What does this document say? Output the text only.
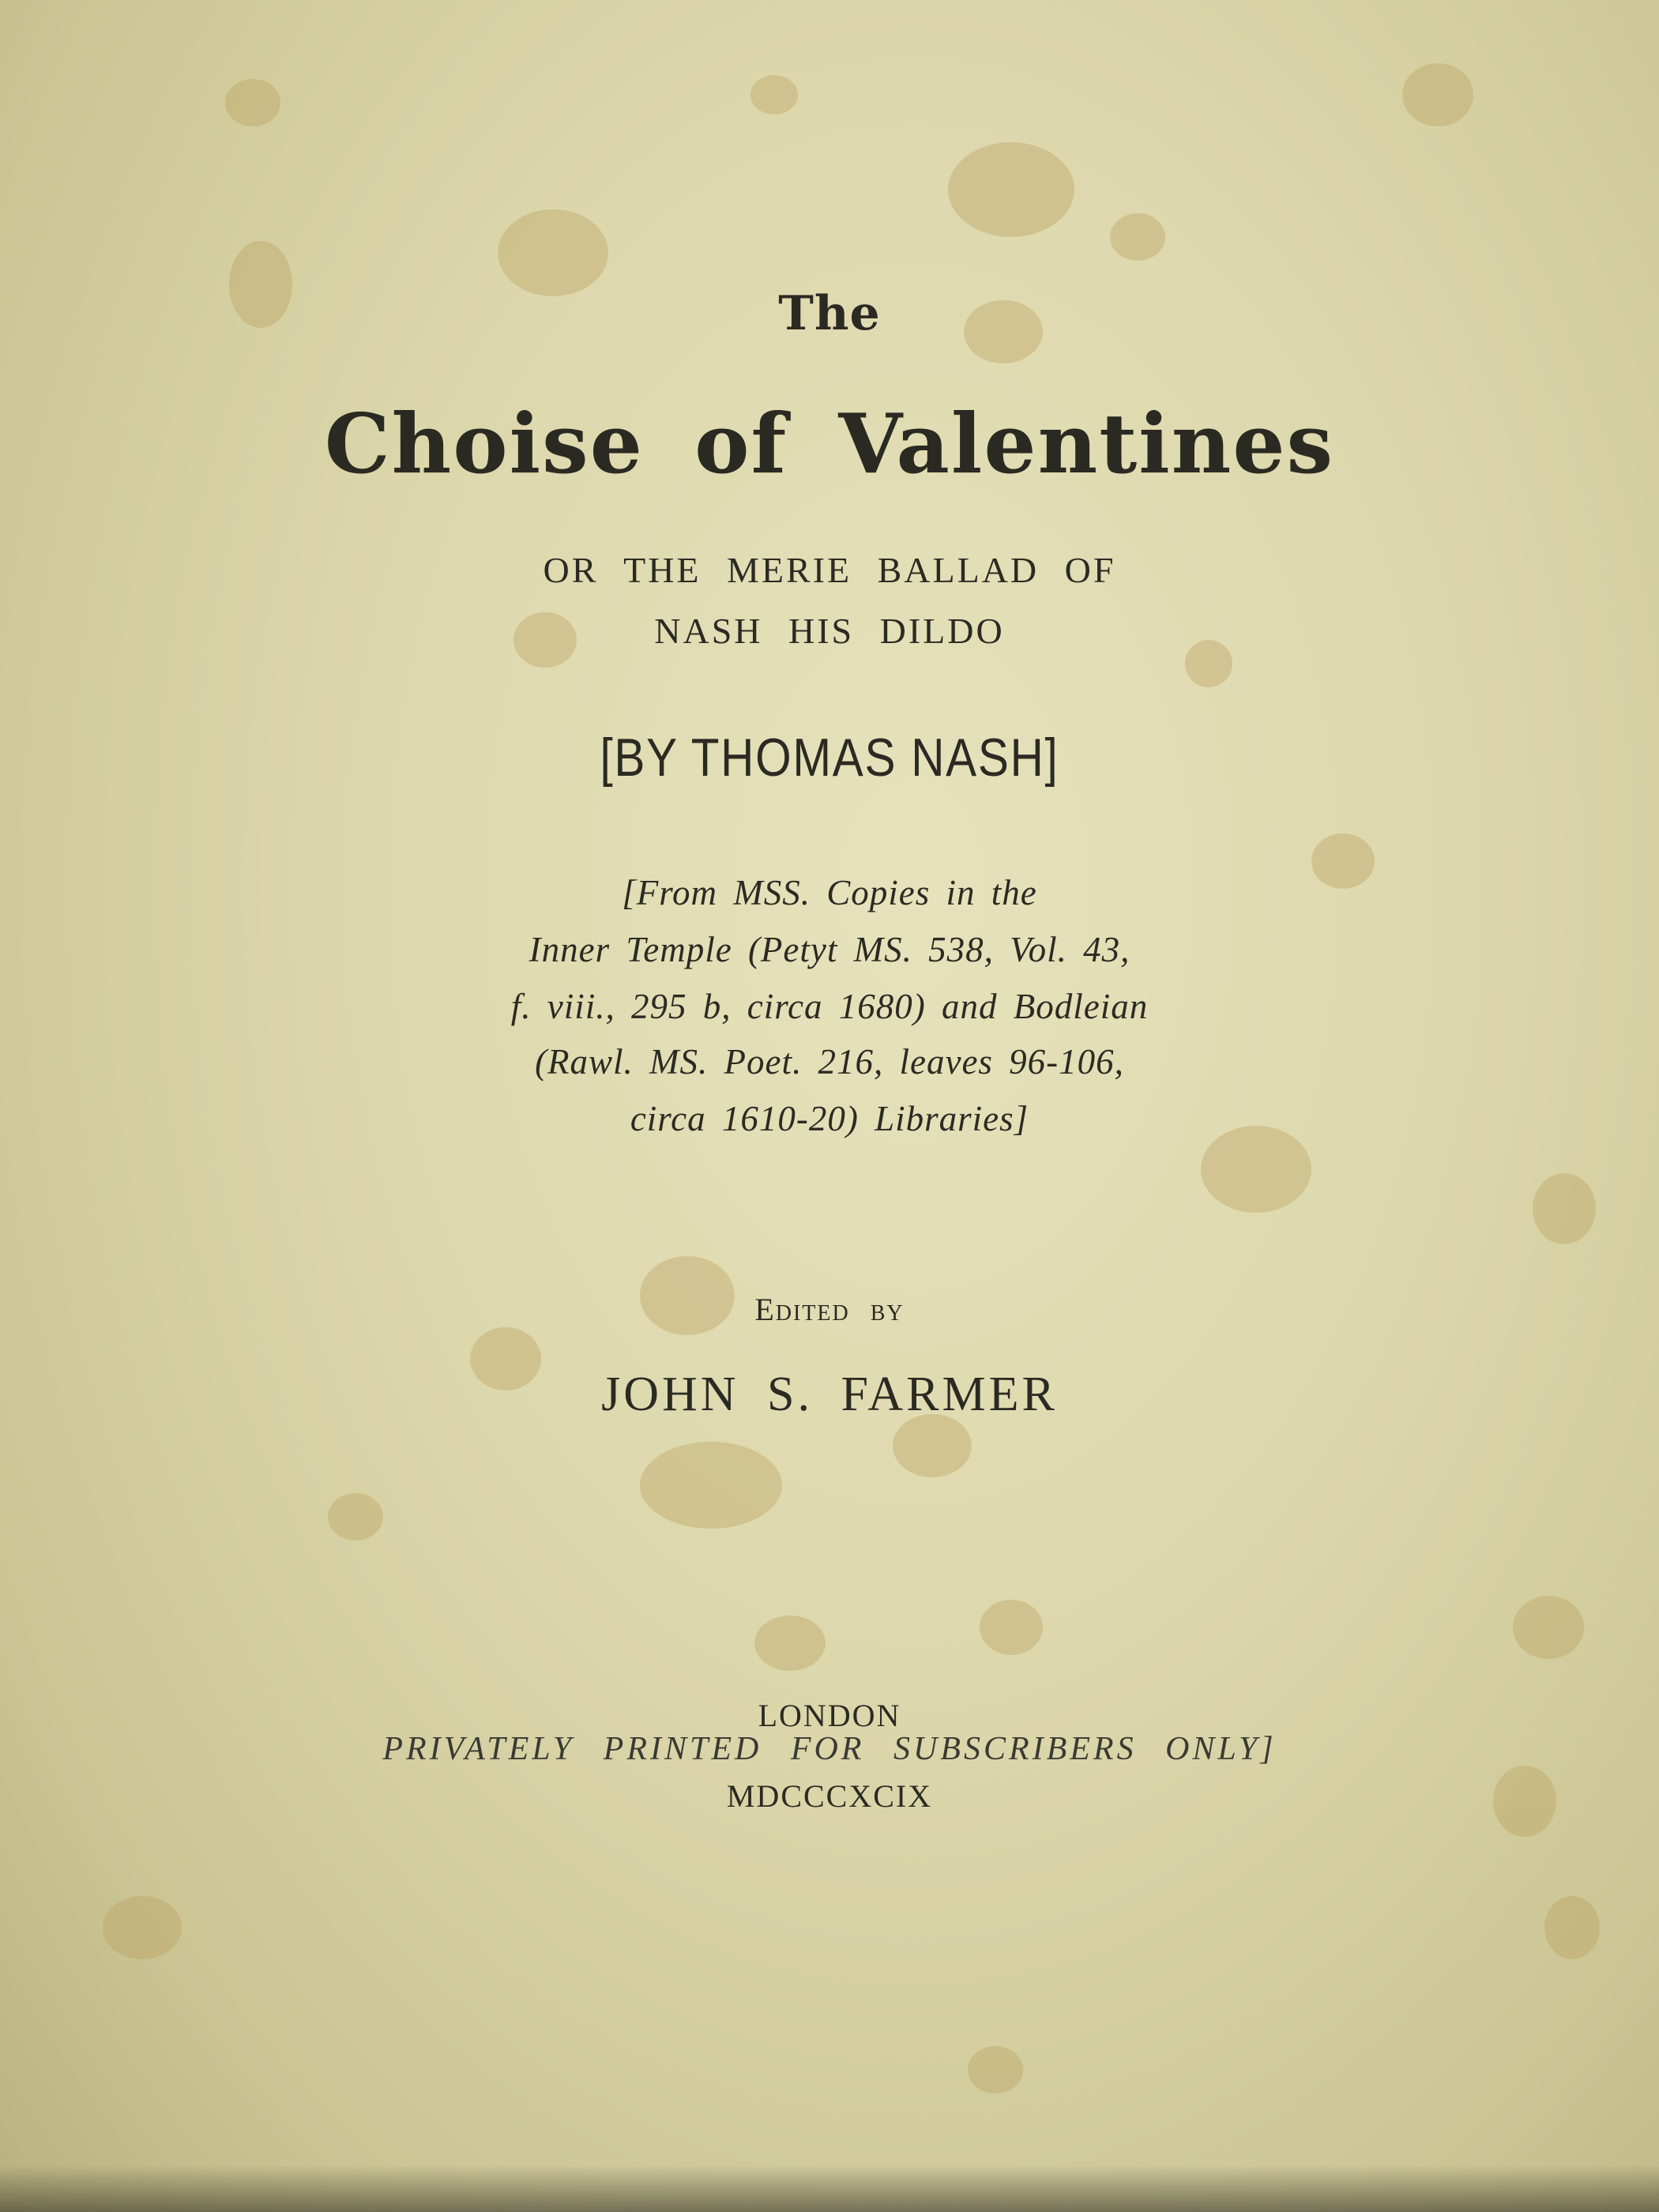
The
Choise of Valentines
OR THE MERIE BALLAD OF
NASH HIS DILDO
[BY THOMAS NASH]
[From MSS. Copies in the
Inner Temple (Petyt MS. 538, Vol. 43,
f. viii., 295 b, circa 1680) and Bodleian
(Rawl. MS. Poet. 216, leaves 96-106,
circa 1610-20) Libraries]
Edited by
JOHN S. FARMER
LONDON
PRIVATELY PRINTED FOR SUBSCRIBERS ONLY]
MDCCCXCIX
